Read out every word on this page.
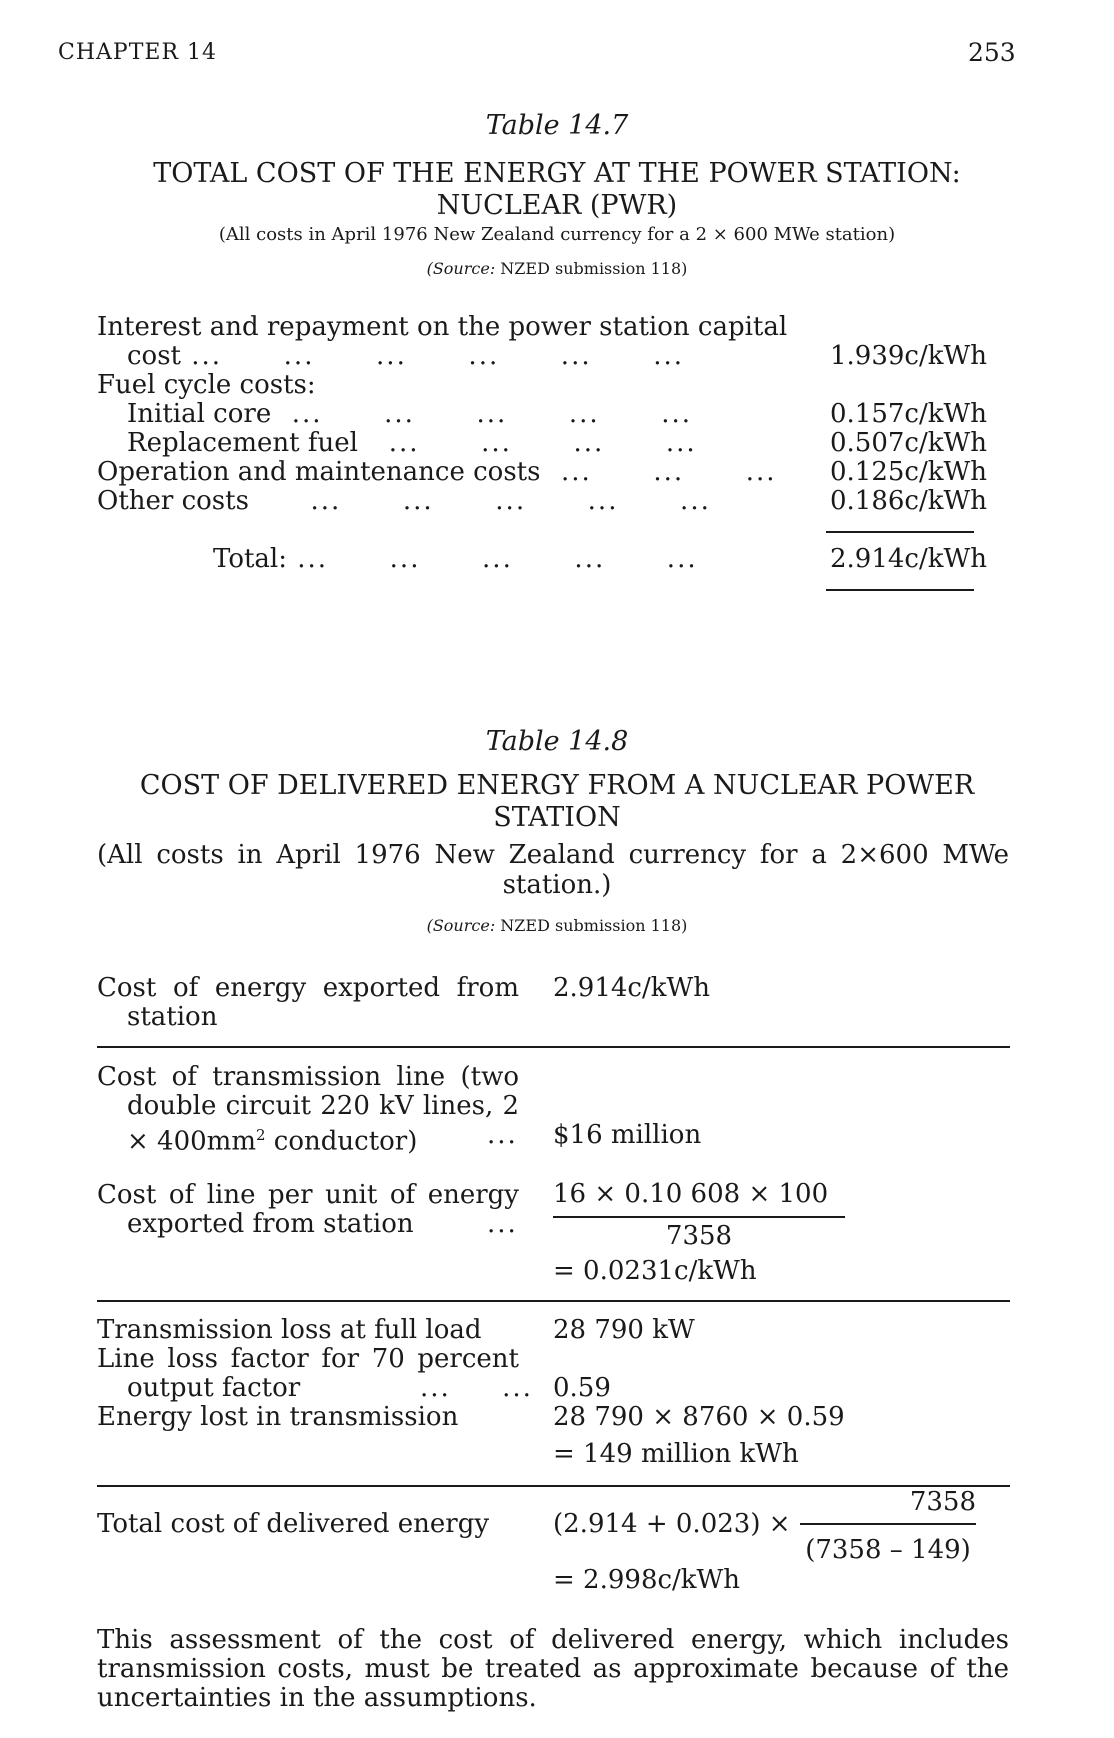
CHAPTER 14	253
Table 14.7
TOTAL COST OF THE ENERGY AT THE POWER STATION:
NUCLEAR (PWR)
(All costs in April 1976 New Zealand currency for a 2 × 600 MWe station)
(Source: NZED submission 118)
Interest and repayment on the power station capital
cost ...      ...      ...      ...      ...      ...	1.939c/kWh
Fuel cycle costs:
Initial core  ...      ...      ...      ...      ...	0.157c/kWh
Replacement fuel   ...      ...      ...      ...	0.507c/kWh
Operation and maintenance costs  ...      ...      ... 0.125c/kWh
Other costs      ...      ...      ...      ...      ...	0.186c/kWh
Total: ...      ...      ...      ...      ...	2.914c/kWh
Table 14.8
COST OF DELIVERED ENERGY FROM A NUCLEAR POWER
STATION
(All costs in April 1976 New Zealand currency for a 2×600 MWe
station.)
(Source: NZED submission 118)
Cost of energy exported from
station
2.914c/kWh
Cost of transmission line (two
double circuit 220 kV lines, 2
× $400mm^2$ conductor)	... $16 million
Cost of line per unit of energy
exported from station	...
16 × 0.10 608 × 100
7358
= 0.0231c/kWh
Transmission loss at full load	28 790 kW
Line loss factor for 70 percent
output factor	...     ... 0.59
Energy lost in transmission	28 790 × 8760 × 0.59
= 149 million kWh
Total cost of delivered energy (2.914 + 0.023) ×
7358
(7358 – 149)
= 2.998c/kWh
This assessment of the cost of delivered energy, which includes
transmission costs, must be treated as approximate because of the
uncertainties in the assumptions.
